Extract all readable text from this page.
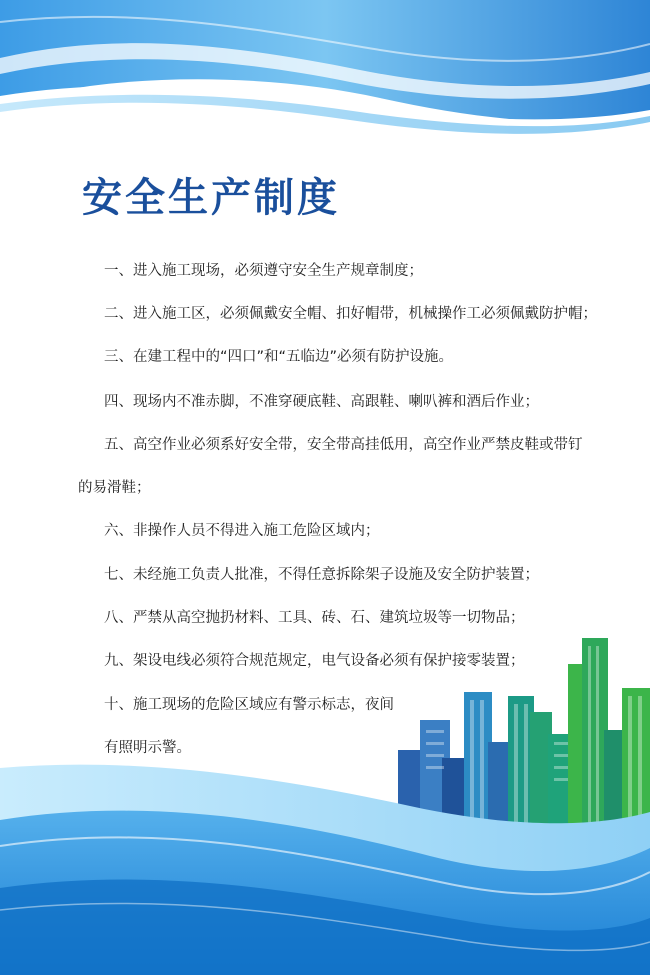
安全生产制度
一、进入施工现场，必须遵守安全生产规章制度；
二、进入施工区，必须佩戴安全帽、扣好帽带，机械操作工必须佩戴防护帽；
三、在建工程中的“四口”和“五临边”必须有防护设施。
四、现场内不准赤脚，不准穿硬底鞋、高跟鞋、喇叭裤和酒后作业；
五、高空作业必须系好安全带，安全带高挂低用，高空作业严禁皮鞋或带钉
的易滑鞋；
六、非操作人员不得进入施工危险区域内；
七、未经施工负责人批准，不得任意拆除架子设施及安全防护装置；
八、严禁从高空抛扔材料、工具、砖、石、建筑垃圾等一切物品；
九、架设电线必须符合规范规定，电气设备必须有保护接零装置；
十、施工现场的危险区域应有警示标志，夜间
有照明示警。
